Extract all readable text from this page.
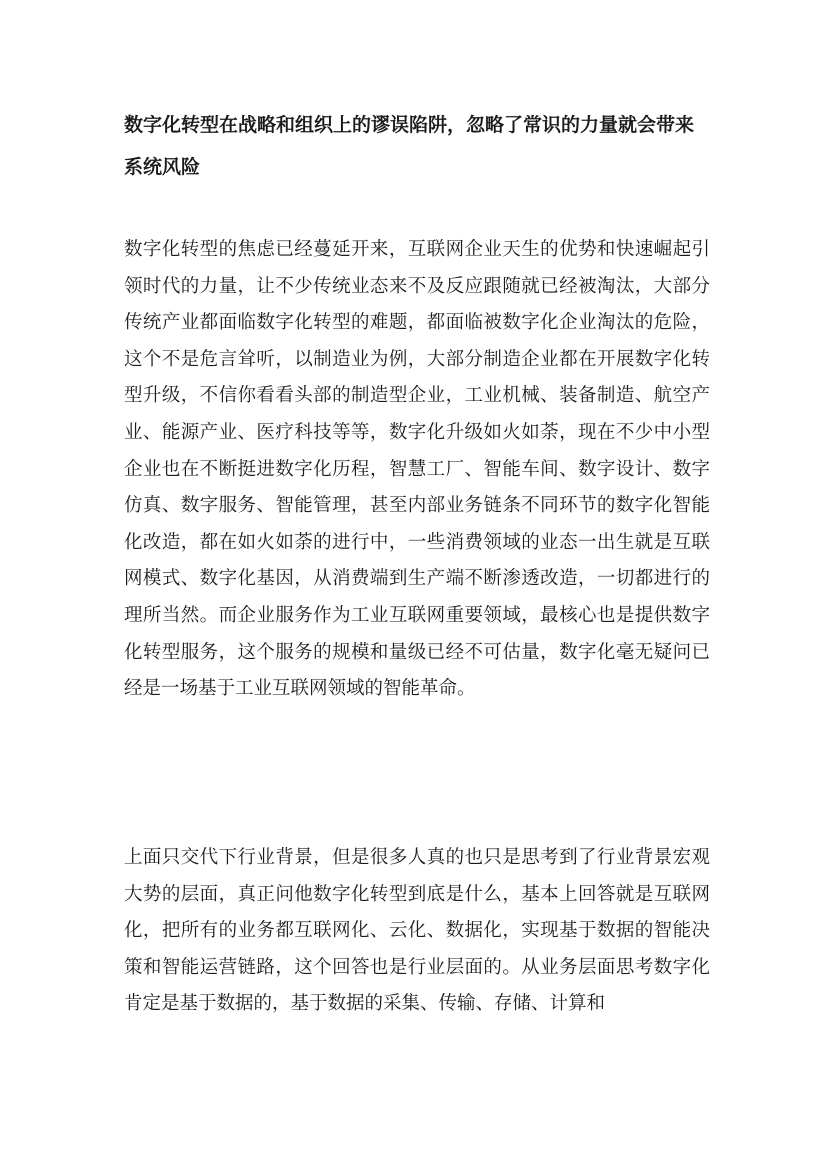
数字化转型在战略和组织上的谬误陷阱，忽略了常识的力量就会带来系统风险

数字化转型的焦虑已经蔓延开来，互联网企业天生的优势和快速崛起引领时代的力量，让不少传统业态来不及反应跟随就已经被淘汰，大部分传统产业都面临数字化转型的难题，都面临被数字化企业淘汰的危险，这个不是危言耸听，以制造业为例，大部分制造企业都在开展数字化转型升级，不信你看看头部的制造型企业，工业机械、装备制造、航空产业、能源产业、医疗科技等等，数字化升级如火如荼，现在不少中小型企业也在不断挺进数字化历程，智慧工厂、智能车间、数字设计、数字仿真、数字服务、智能管理，甚至内部业务链条不同环节的数字化智能化改造，都在如火如荼的进行中，一些消费领域的业态一出生就是互联网模式、数字化基因，从消费端到生产端不断渗透改造，一切都进行的理所当然。而企业服务作为工业互联网重要领域，最核心也是提供数字化转型服务，这个服务的规模和量级已经不可估量，数字化毫无疑问已经是一场基于工业互联网领域的智能革命。

上面只交代下行业背景，但是很多人真的也只是思考到了行业背景宏观大势的层面，真正问他数字化转型到底是什么，基本上回答就是互联网化，把所有的业务都互联网化、云化、数据化，实现基于数据的智能决策和智能运营链路，这个回答也是行业层面的。从业务层面思考数字化肯定是基于数据的，基于数据的采集、传输、存储、计算和
